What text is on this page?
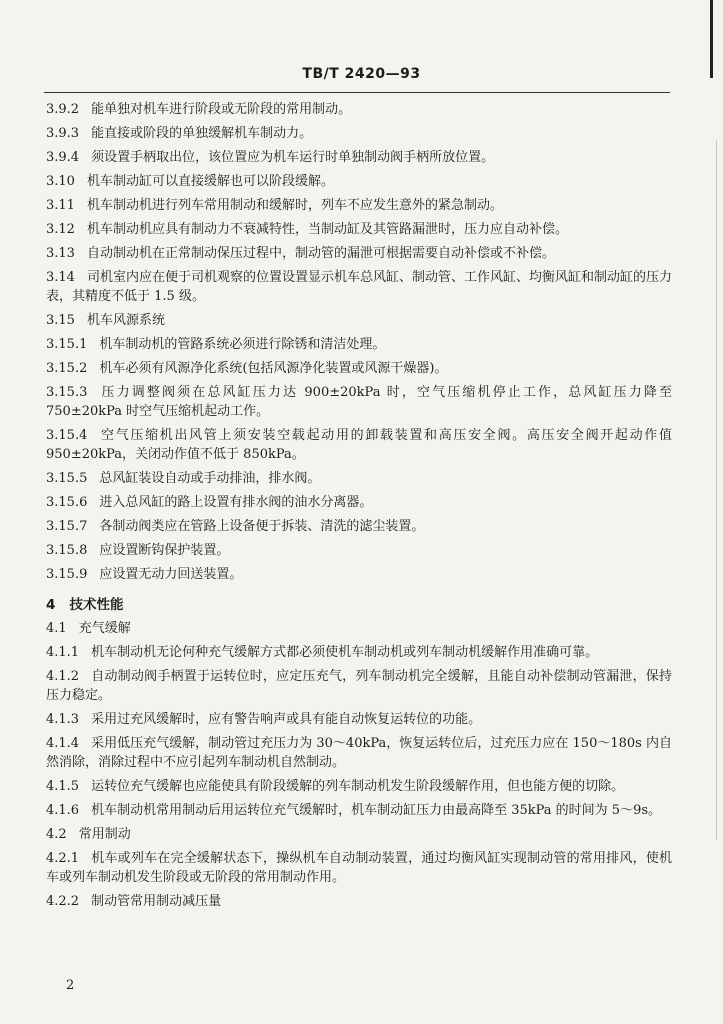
TB/T 2420—93
3.9.2 能单独对机车进行阶段或无阶段的常用制动。
3.9.3 能直接或阶段的单独缓解机车制动力。
3.9.4 须设置手柄取出位，该位置应为机车运行时单独制动阀手柄所放位置。
3.10 机车制动缸可以直接缓解也可以阶段缓解。
3.11 机车制动机进行列车常用制动和缓解时，列车不应发生意外的紧急制动。
3.12 机车制动机应具有制动力不衰减特性，当制动缸及其管路漏泄时，压力应自动补偿。
3.13 自动制动机在正常制动保压过程中，制动管的漏泄可根据需要自动补偿或不补偿。
3.14 司机室内应在便于司机观察的位置设置显示机车总风缸、制动管、工作风缸、均衡风缸和制动缸的压力表，其精度不低于 1.5 级。
3.15 机车风源系统
3.15.1 机车制动机的管路系统必须进行除锈和清洁处理。
3.15.2 机车必须有风源净化系统(包括风源净化装置或风源干燥器)。
3.15.3 压力调整阀须在总风缸压力达 900±20kPa 时，空气压缩机停止工作，总风缸压力降至 750±20kPa 时空气压缩机起动工作。
3.15.4 空气压缩机出风管上须安装空载起动用的卸载装置和高压安全阀。高压安全阀开起动作值 950±20kPa，关闭动作值不低于 850kPa。
3.15.5 总风缸装设自动或手动排油，排水阀。
3.15.6 进入总风缸的路上设置有排水阀的油水分离器。
3.15.7 各制动阀类应在管路上设备便于拆装、清洗的滤尘装置。
3.15.8 应设置断钩保护装置。
3.15.9 应设置无动力回送装置。
4 技术性能
4.1 充气缓解
4.1.1 机车制动机无论何种充气缓解方式都必须使机车制动机或列车制动机缓解作用准确可靠。
4.1.2 自动制动阀手柄置于运转位时，应定压充气，列车制动机完全缓解，且能自动补偿制动管漏泄，保持压力稳定。
4.1.3 采用过充风缓解时，应有警告响声或具有能自动恢复运转位的功能。
4.1.4 采用低压充气缓解，制动管过充压力为 30～40kPa，恢复运转位后，过充压力应在 150～180s 内自然消除，消除过程中不应引起列车制动机自然制动。
4.1.5 运转位充气缓解也应能使具有阶段缓解的列车制动机发生阶段缓解作用，但也能方便的切除。
4.1.6 机车制动机常用制动后用运转位充气缓解时，机车制动缸压力由最高降至 35kPa 的时间为 5～9s。
4.2 常用制动
4.2.1 机车或列车在完全缓解状态下，操纵机车自动制动装置，通过均衡风缸实现制动管的常用排风，使机车或列车制动机发生阶段或无阶段的常用制动作用。
4.2.2 制动管常用制动减压量
2
